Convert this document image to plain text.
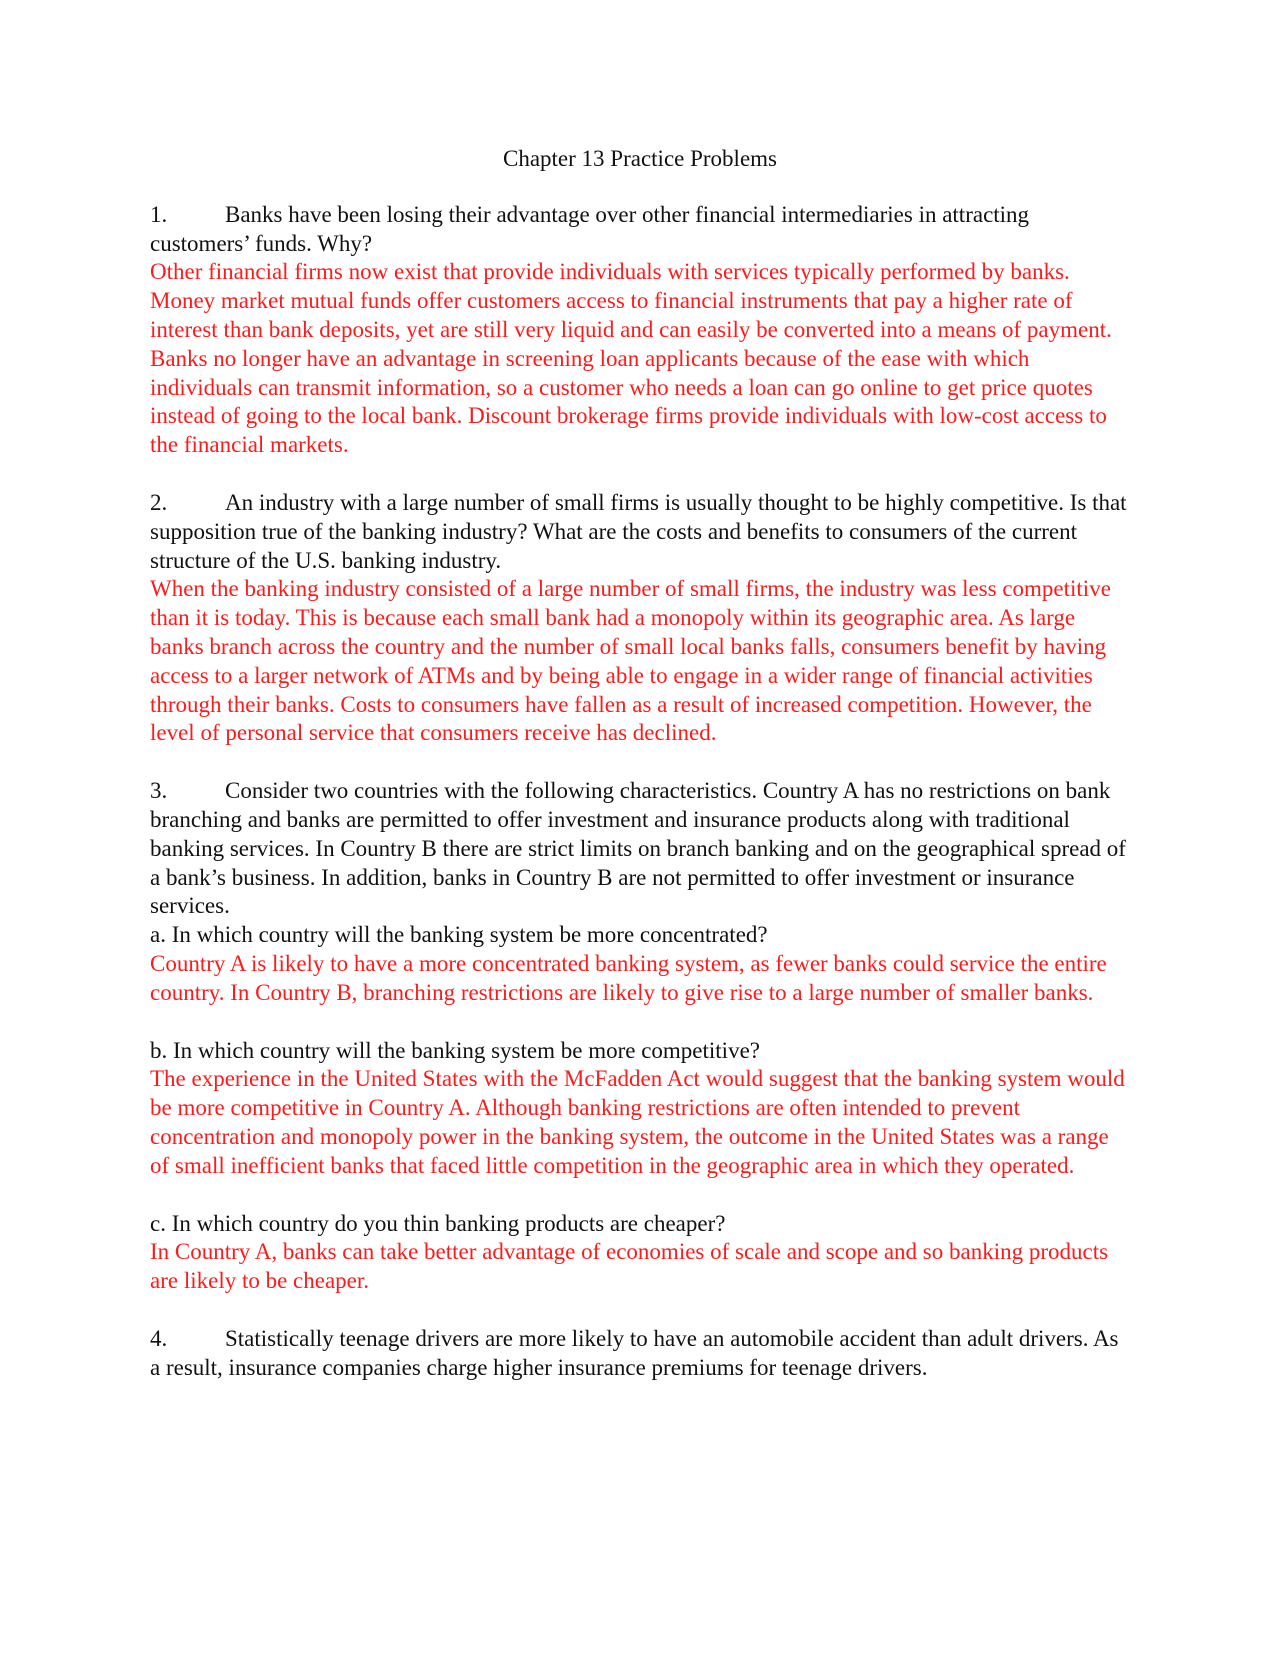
Chapter 13 Practice Problems
1.	Banks have been losing their advantage over other financial intermediaries in attracting customers’ funds. Why?
Other financial firms now exist that provide individuals with services typically performed by banks. Money market mutual funds offer customers access to financial instruments that pay a higher rate of interest than bank deposits, yet are still very liquid and can easily be converted into a means of payment. Banks no longer have an advantage in screening loan applicants because of the ease with which individuals can transmit information, so a customer who needs a loan can go online to get price quotes instead of going to the local bank. Discount brokerage firms provide individuals with low-cost access to the financial markets.
2.	An industry with a large number of small firms is usually thought to be highly competitive. Is that supposition true of the banking industry? What are the costs and benefits to consumers of the current structure of the U.S. banking industry.
When the banking industry consisted of a large number of small firms, the industry was less competitive than it is today. This is because each small bank had a monopoly within its geographic area. As large banks branch across the country and the number of small local banks falls, consumers benefit by having access to a larger network of ATMs and by being able to engage in a wider range of financial activities through their banks. Costs to consumers have fallen as a result of increased competition. However, the level of personal service that consumers receive has declined.
3.	Consider two countries with the following characteristics. Country A has no restrictions on bank branching and banks are permitted to offer investment and insurance products along with traditional banking services. In Country B there are strict limits on branch banking and on the geographical spread of a bank’s business. In addition, banks in Country B are not permitted to offer investment or insurance services.
a. In which country will the banking system be more concentrated?
Country A is likely to have a more concentrated banking system, as fewer banks could service the entire country. In Country B, branching restrictions are likely to give rise to a large number of smaller banks.
b. In which country will the banking system be more competitive?
The experience in the United States with the McFadden Act would suggest that the banking system would be more competitive in Country A. Although banking restrictions are often intended to prevent concentration and monopoly power in the banking system, the outcome in the United States was a range of small inefficient banks that faced little competition in the geographic area in which they operated.
c. In which country do you thin banking products are cheaper?
In Country A, banks can take better advantage of economies of scale and scope and so banking products are likely to be cheaper.
4.	Statistically teenage drivers are more likely to have an automobile accident than adult drivers. As a result, insurance companies charge higher insurance premiums for teenage drivers.
